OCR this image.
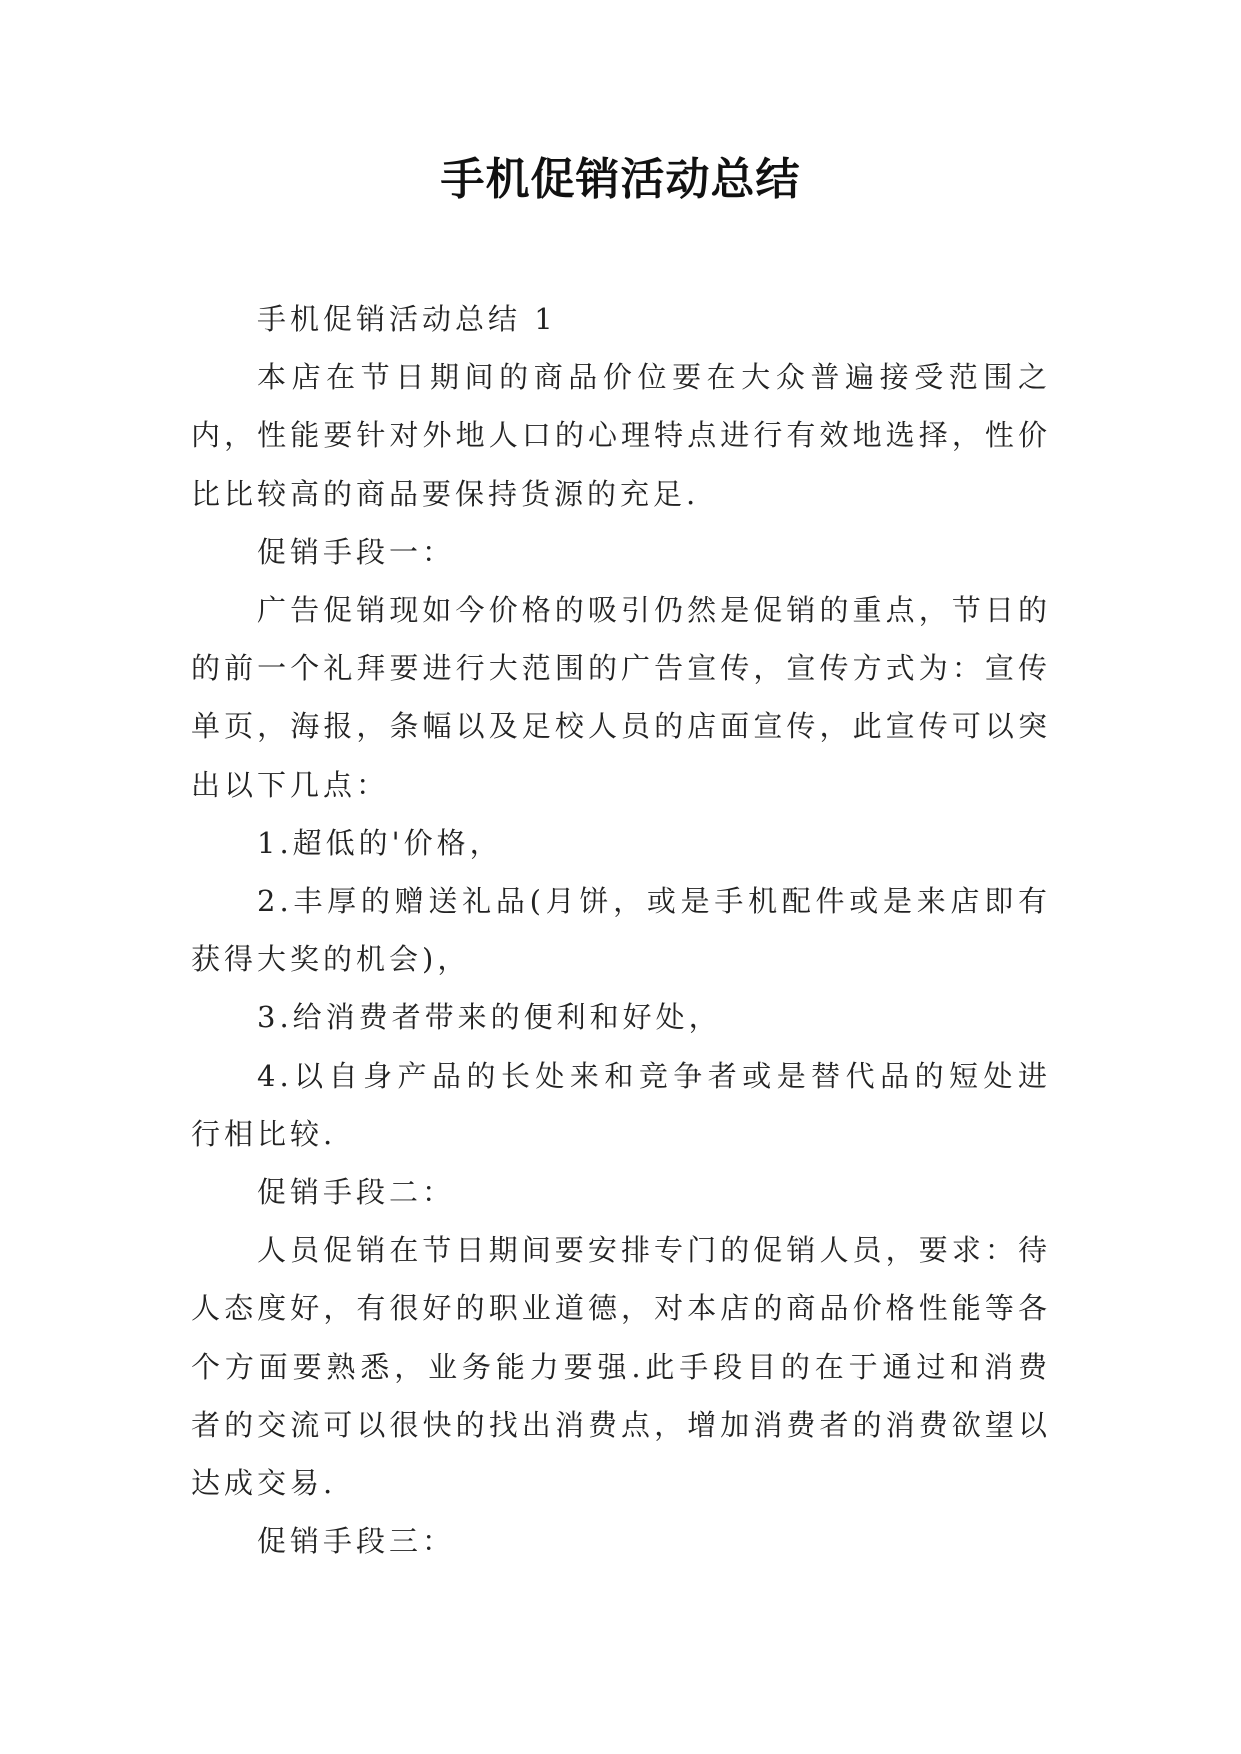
手机促销活动总结

手机促销活动总结 1

本店在节日期间的商品价位要在大众普遍接受范围之内，性能要针对外地人口的心理特点进行有效地选择，性价比比较高的商品要保持货源的充足.

促销手段一：

广告促销现如今价格的吸引仍然是促销的重点，节日的的前一个礼拜要进行大范围的广告宣传，宣传方式为：宣传单页，海报，条幅以及足校人员的店面宣传，此宣传可以突出以下几点：

1.超低的'价格，

2.丰厚的赠送礼品(月饼，或是手机配件或是来店即有获得大奖的机会)，

3.给消费者带来的便利和好处，

4.以自身产品的长处来和竞争者或是替代品的短处进行相比较.

促销手段二：

人员促销在节日期间要安排专门的促销人员，要求：待人态度好，有很好的职业道德，对本店的商品价格性能等各个方面要熟悉，业务能力要强.此手段目的在于通过和消费者的交流可以很快的找出消费点，增加消费者的消费欲望以达成交易.

促销手段三：
